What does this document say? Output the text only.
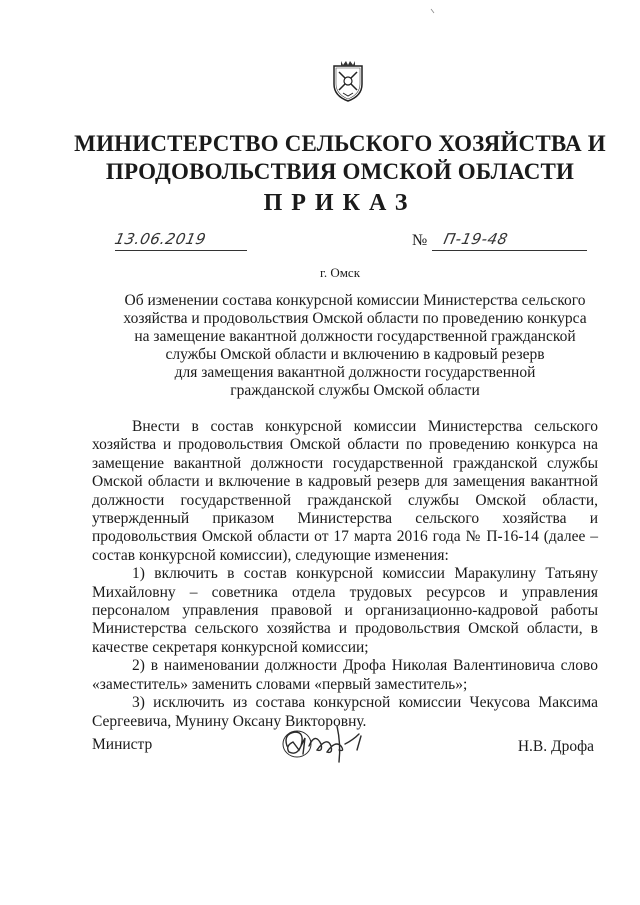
МИНИСТЕРСТВО СЕЛЬСКОГО ХОЗЯЙСТВА И
ПРОДОВОЛЬСТВИЯ ОМСКОЙ ОБЛАСТИ
ПРИКАЗ
13.06.2019	№ П-19-48
г. Омск
Об изменении состава конкурсной комиссии Министерства сельского
хозяйства и продовольствия Омской области по проведению конкурса
на замещение вакантной должности государственной гражданской
службы Омской области и включению в кадровый резерв
для замещения вакантной должности государственной
гражданской службы Омской области

Внести в состав конкурсной комиссии Министерства сельского хозяйства и продовольствия Омской области по проведению конкурса на замещение вакантной должности государственной гражданской службы Омской области и включение в кадровый резерв для замещения вакантной должности государственной гражданской службы Омской области, утвержденный приказом Министерства сельского хозяйства и продовольствия Омской области от 17 марта 2016 года № П-16-14 (далее – состав конкурсной комиссии), следующие изменения:

1) включить в состав конкурсной комиссии Маракулину Татьяну Михайловну – советника отдела трудовых ресурсов и управления персоналом управления правовой и организационно-кадровой работы Министерства сельского хозяйства и продовольствия Омской области, в качестве секретаря конкурсной комиссии;

2) в наименовании должности Дрофа Николая Валентиновича слово «заместитель» заменить словами «первый заместитель»;

3) исключить из состава конкурсной комиссии Чекусова Максима Сергеевича, Мунину Оксану Викторовну.

Министр	Н.В. Дрофа
